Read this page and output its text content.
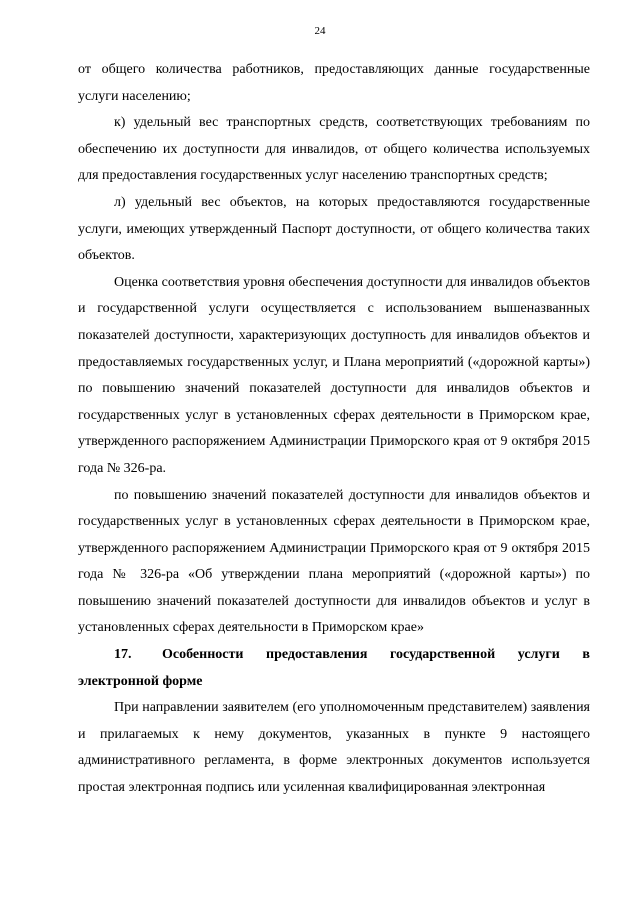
24

от общего количества работников, предоставляющих данные государственные услуги населению;

к) удельный вес транспортных средств, соответствующих требованиям по обеспечению их доступности для инвалидов, от общего количества используемых для предоставления государственных услуг населению транспортных средств;

л) удельный вес объектов, на которых предоставляются государственные услуги, имеющих утвержденный Паспорт доступности, от общего количества таких объектов.

Оценка соответствия уровня обеспечения доступности для инвалидов объектов и государственной услуги осуществляется с использованием вышеназванных показателей доступности, характеризующих доступность для инвалидов объектов и предоставляемых государственных услуг, и Плана мероприятий («дорожной карты») по повышению значений показателей доступности для инвалидов объектов и государственных услуг в установленных сферах деятельности в Приморском крае, утвержденного распоряжением Администрации Приморского края от 9 октября 2015 года № 326-ра.

по повышению значений показателей доступности для инвалидов объектов и государственных услуг в установленных сферах деятельности в Приморском крае, утвержденного распоряжением Администрации Приморского края от 9 октября 2015 года № 326-ра «Об утверждении плана мероприятий («дорожной карты») по повышению значений показателей доступности для инвалидов объектов и услуг в установленных сферах деятельности в Приморском крае»

17. Особенности предоставления государственной услуги в электронной форме

При направлении заявителем (его уполномоченным представителем) заявления и прилагаемых к нему документов, указанных в пункте 9 настоящего административного регламента, в форме электронных документов используется простая электронная подпись или усиленная квалифицированная электронная
